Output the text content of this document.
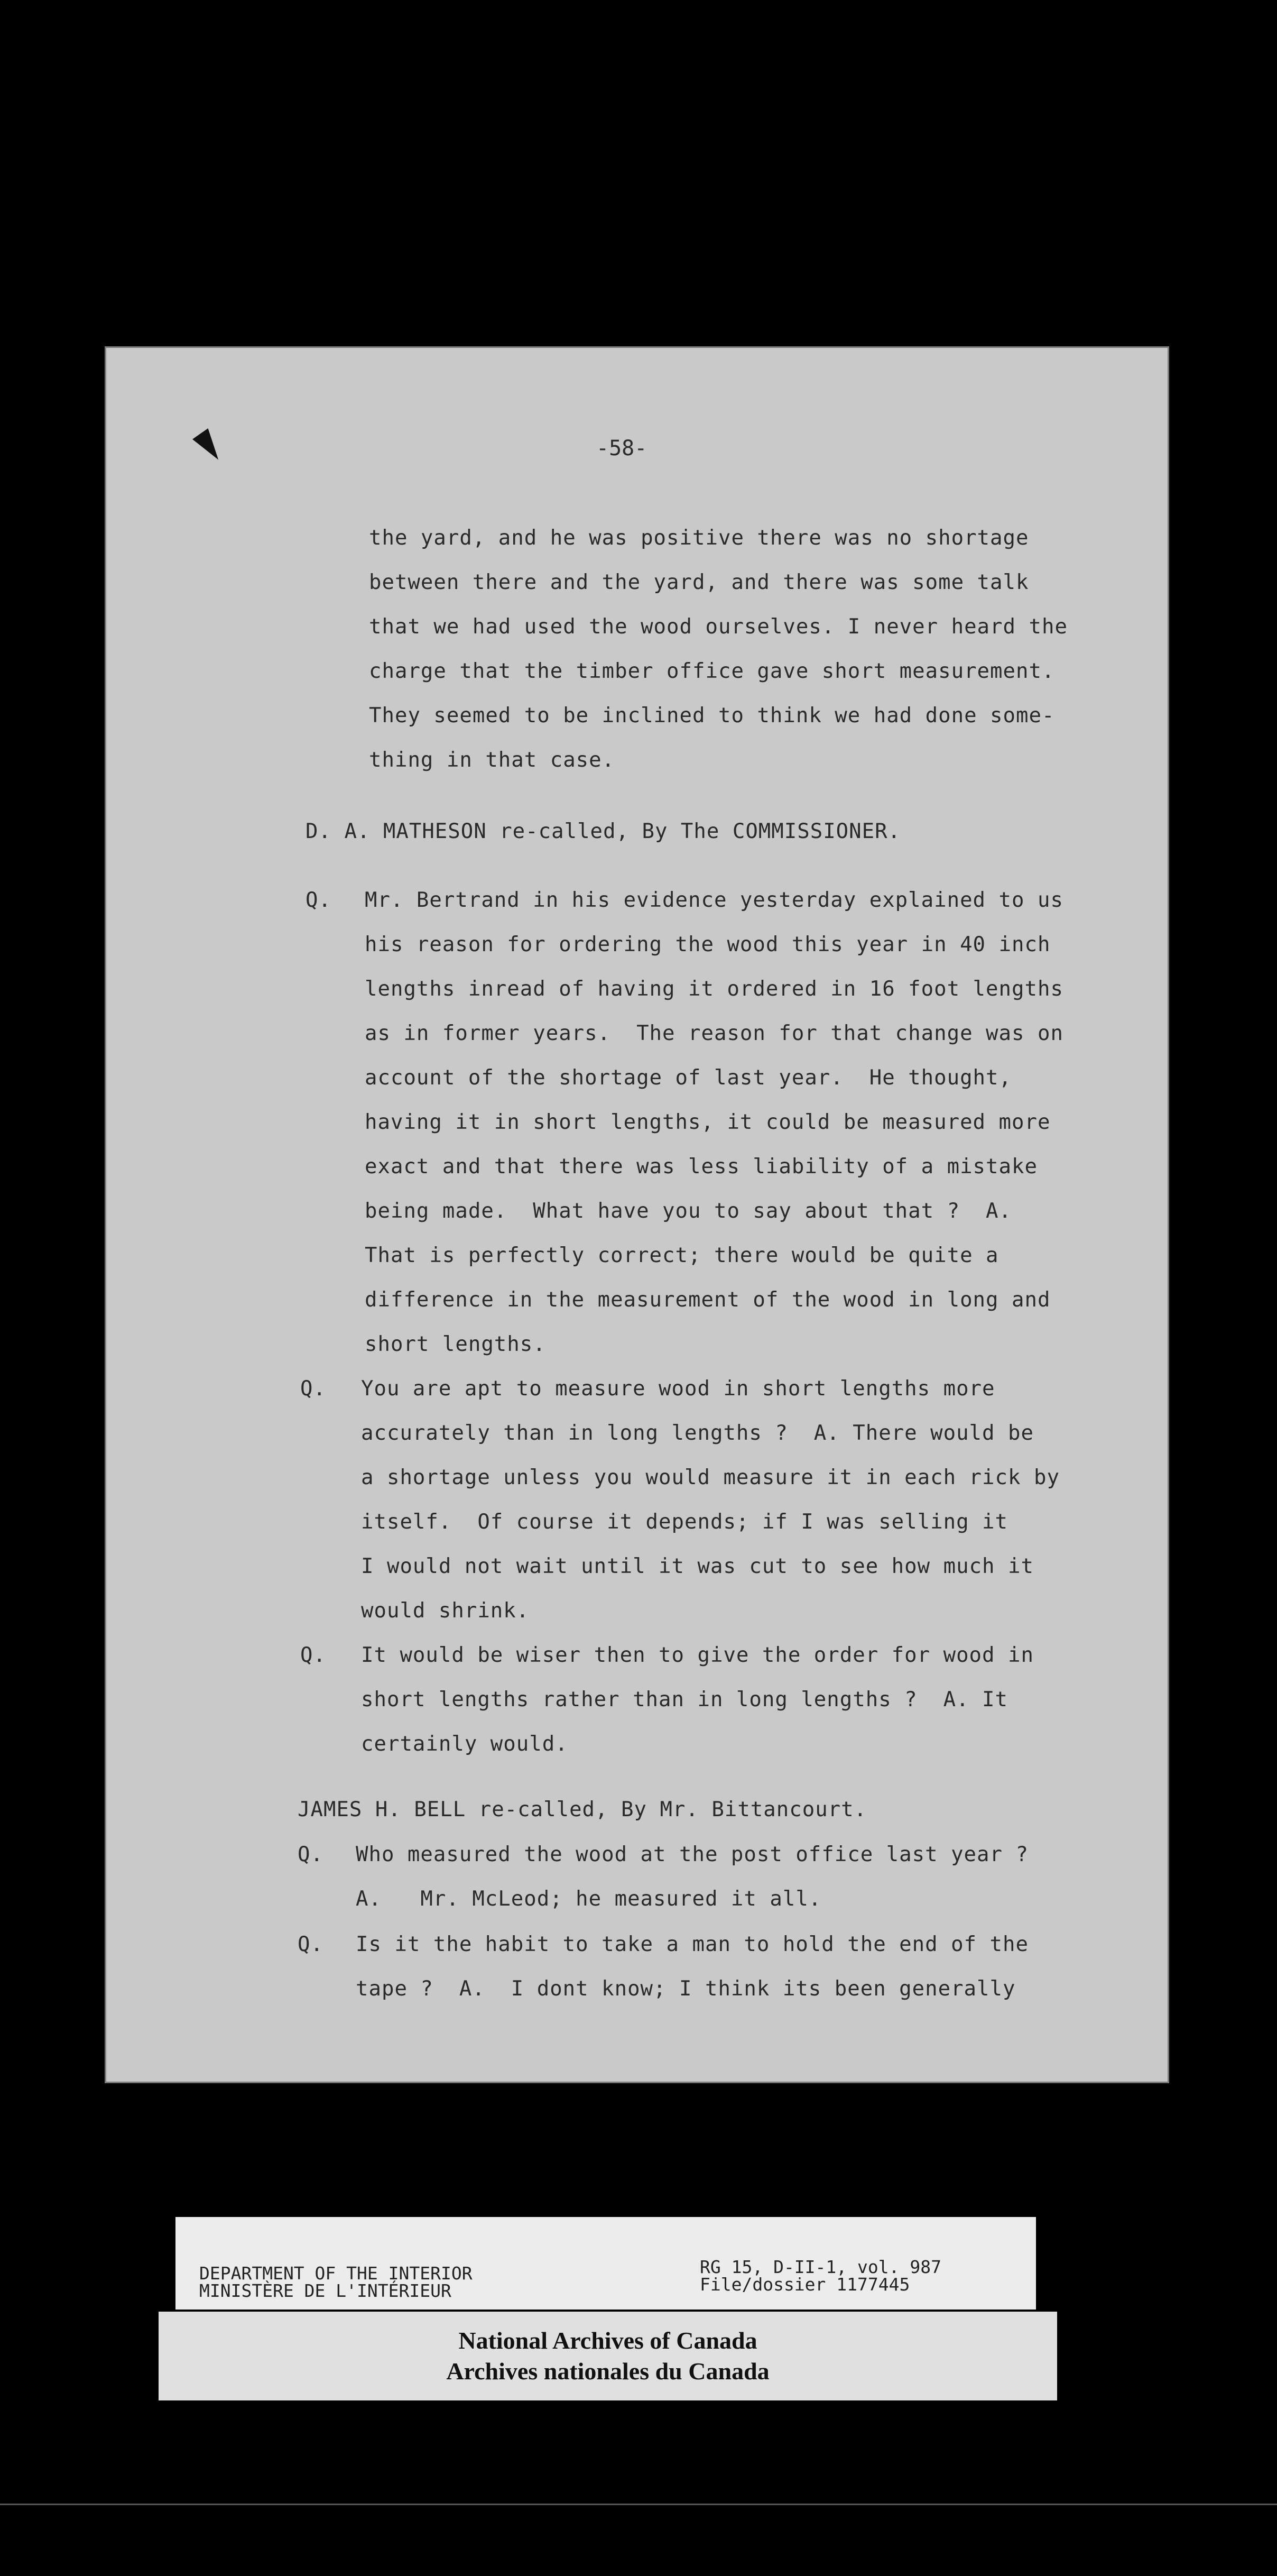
-58-
the yard, and he was positive there was no shortage
between there and the yard, and there was some talk
that we had used the wood ourselves. I never heard the
charge that the timber office gave short measurement.
They seemed to be inclined to think we had done some-
thing in that case.
D. A. MATHESON re-called, By The COMMISSIONER.
Q. Mr. Bertrand in his evidence yesterday explained to us
his reason for ordering the wood this year in 40 inch
lengths inread of having it ordered in 16 foot lengths
as in former years.  The reason for that change was on
account of the shortage of last year.  He thought,
having it in short lengths, it could be measured more
exact and that there was less liability of a mistake
being made.  What have you to say about that ?  A.
That is perfectly correct; there would be quite a
difference in the measurement of the wood in long and
short lengths.
Q. You are apt to measure wood in short lengths more
accurately than in long lengths ?  A. There would be
a shortage unless you would measure it in each rick by
itself.  Of course it depends; if I was selling it
I would not wait until it was cut to see how much it
would shrink.
Q. It would be wiser then to give the order for wood in
short lengths rather than in long lengths ?  A. It
certainly would.
JAMES H. BELL re-called, By Mr. Bittancourt.
Q. Who measured the wood at the post office last year ?
A.   Mr. McLeod; he measured it all.
Q. Is it the habit to take a man to hold the end of the
tape ?  A.  I dont know; I think its been generally
DEPARTMENT OF THE INTERIOR
MINISTÈRE DE L'INTÉRIEUR
RG 15, D-II-1, vol. 987
File/dossier 1177445
National Archives of Canada
Archives nationales du Canada
